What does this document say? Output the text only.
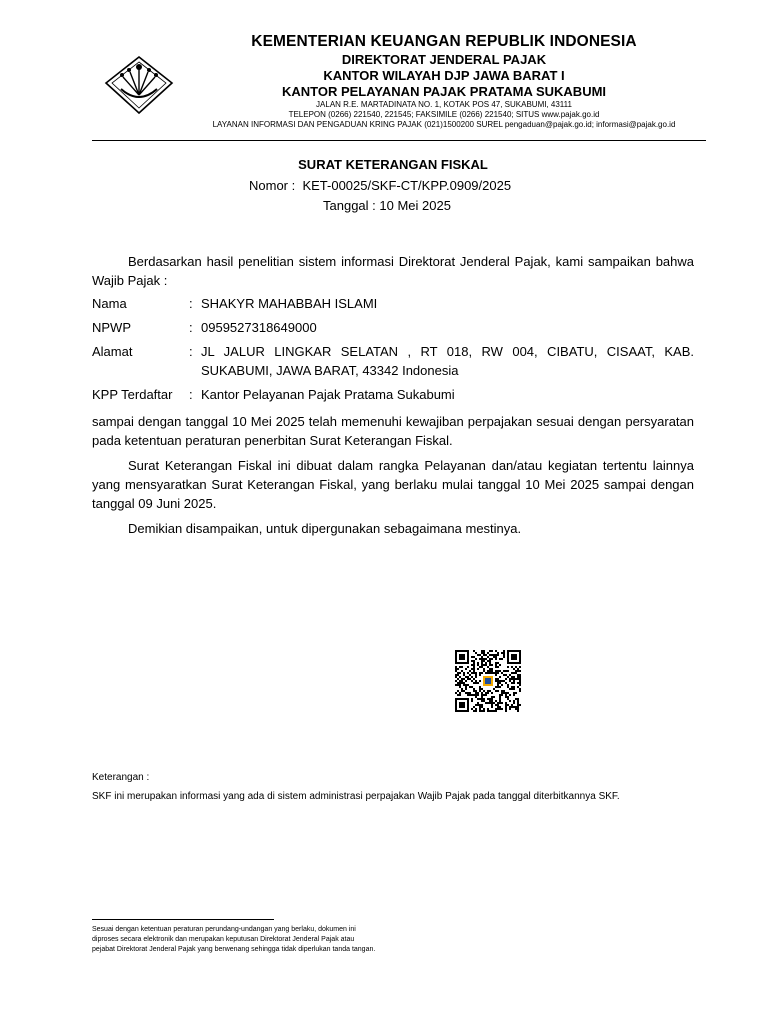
KEMENTERIAN KEUANGAN REPUBLIK INDONESIA
DIREKTORAT JENDERAL PAJAK
KANTOR WILAYAH DJP JAWA BARAT I
KANTOR PELAYANAN PAJAK PRATAMA SUKABUMI
JALAN R.E. MARTADINATA NO. 1, KOTAK POS 47, SUKABUMI, 43111
TELEPON (0266) 221540, 221545; FAKSIMILE (0266) 221540; SITUS www.pajak.go.id
LAYANAN INFORMASI DAN PENGADUAN KRING PAJAK (021)1500200 SUREL pengaduan@pajak.go.id; informasi@pajak.go.id
SURAT KETERANGAN FISKAL
Nomor :  KET-00025/SKF-CT/KPP.0909/2025
Tanggal : 10 Mei 2025
Berdasarkan hasil penelitian sistem informasi Direktorat Jenderal Pajak, kami sampaikan bahwa Wajib Pajak :
Nama	: SHAKYR MAHABBAH ISLAMI
NPWP	: 0959527318649000
Alamat	: JL JALUR LINGKAR SELATAN , RT 018, RW 004, CIBATU, CISAAT, KAB. SUKABUMI, JAWA BARAT, 43342 Indonesia
KPP Terdaftar : Kantor Pelayanan Pajak Pratama Sukabumi
sampai dengan tanggal 10 Mei 2025 telah memenuhi kewajiban perpajakan sesuai dengan persyaratan pada ketentuan peraturan penerbitan Surat Keterangan Fiskal.
Surat Keterangan Fiskal ini dibuat dalam rangka Pelayanan dan/atau kegiatan tertentu lainnya yang mensyaratkan Surat Keterangan Fiskal, yang berlaku mulai tanggal 10 Mei 2025 sampai dengan tanggal 09 Juni 2025.
Demikian disampaikan, untuk dipergunakan sebagaimana mestinya.
Keterangan :
SKF ini merupakan informasi yang ada di sistem administrasi perpajakan Wajib Pajak pada tanggal diterbitkannya SKF.
Sesuai dengan ketentuan peraturan perundang-undangan yang berlaku, dokumen ini
diproses secara elektronik dan merupakan keputusan Direktorat Jenderal Pajak atau
pejabat Direktorat Jenderal Pajak yang berwenang sehingga tidak diperlukan tanda tangan.
